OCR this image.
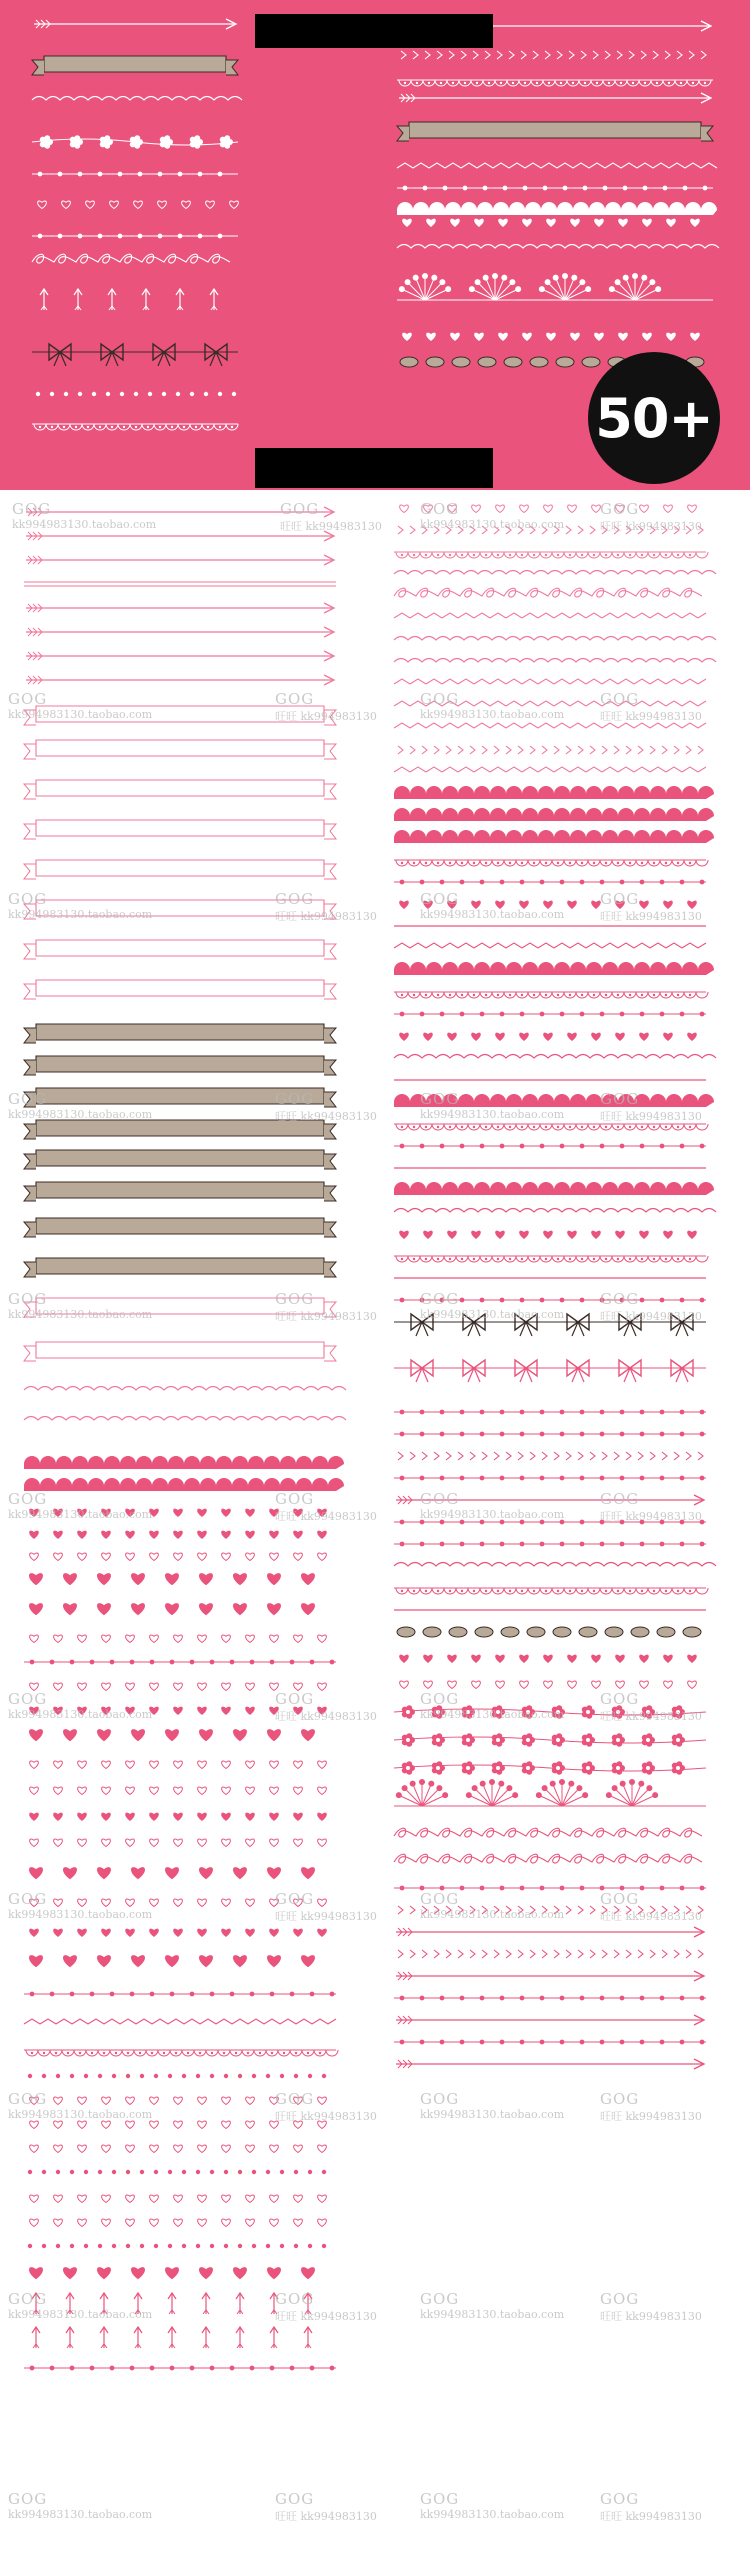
50+
GOG
kk994983130.taobao.com
GOG
旺旺 kk994983130
GOG
kk994983130.taobao.com
GOG
旺旺 kk994983130
GOG
kk994983130.taobao.com
GOG
旺旺 kk994983130
GOG
kk994983130.taobao.com
GOG
旺旺 kk994983130
GOG
kk994983130.taobao.com
GOG
旺旺 kk994983130
GOG
kk994983130.taobao.com
GOG
旺旺 kk994983130
GOG
kk994983130.taobao.com
GOG
旺旺 kk994983130
GOG
kk994983130.taobao.com
GOG
旺旺 kk994983130
GOG
kk994983130.taobao.com
GOG
旺旺 kk994983130
GOG
kk994983130.taobao.com
GOG
旺旺 kk994983130
GOG
kk994983130.taobao.com
GOG
旺旺 kk994983130
GOG
kk994983130.taobao.com
GOG
旺旺 kk994983130
GOG
kk994983130.taobao.com
GOG
旺旺 kk994983130
GOG
kk994983130.taobao.com
GOG
旺旺 kk994983130
GOG
kk994983130.taobao.com
GOG
旺旺 kk994983130
GOG
kk994983130.taobao.com
GOG
旺旺 kk994983130
GOG
kk994983130.taobao.com
GOG
旺旺 kk994983130
GOG
kk994983130.taobao.com
GOG
旺旺 kk994983130
GOG
kk994983130.taobao.com
GOG
旺旺 kk994983130
GOG
kk994983130.taobao.com
GOG
旺旺 kk994983130
GOG
kk994983130.taobao.com
GOG
旺旺 kk994983130
GOG
kk994983130.taobao.com
GOG
旺旺 kk994983130
